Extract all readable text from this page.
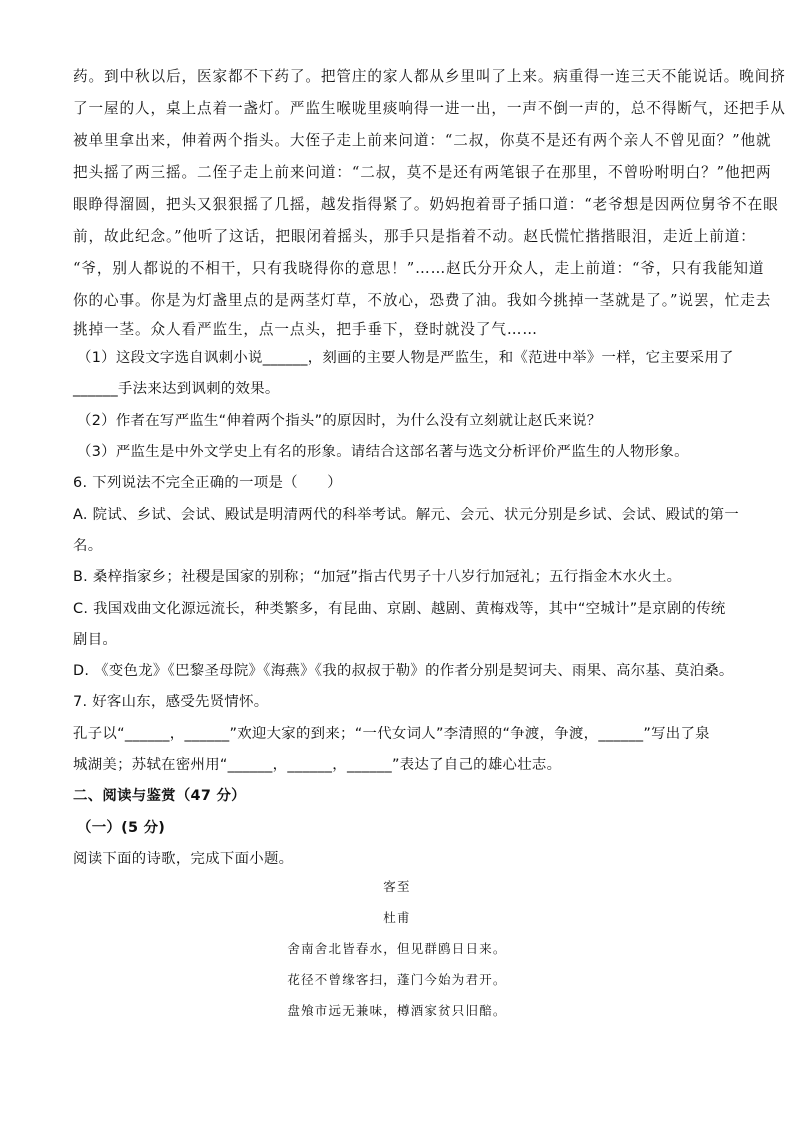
药。到中秋以后，医家都不下药了。把管庄的家人都从乡里叫了上来。病重得一连三天不能说话。晚间挤
了一屋的人，桌上点着一盏灯。严监生喉咙里痰响得一进一出，一声不倒一声的，总不得断气，还把手从
被单里拿出来，伸着两个指头。大侄子走上前来问道：“二叔，你莫不是还有两个亲人不曾见面？”他就
把头摇了两三摇。二侄子走上前来问道：“二叔，莫不是还有两笔银子在那里，不曾吩咐明白？”他把两
眼睁得溜圆，把头又狠狠摇了几摇，越发指得紧了。奶妈抱着哥子插口道：“老爷想是因两位舅爷不在眼
前，故此纪念。”他听了这话，把眼闭着摇头，那手只是指着不动。赵氏慌忙揩揩眼泪，走近上前道：
“爷，别人都说的不相干，只有我晓得你的意思！”……赵氏分开众人，走上前道：“爷，只有我能知道
你的心事。你是为灯盏里点的是两茎灯草，不放心，恐费了油。我如今挑掉一茎就是了。”说罢，忙走去
挑掉一茎。众人看严监生，点一点头，把手垂下，登时就没了气……
（1）这段文字选自讽刺小说______，刻画的主要人物是严监生，和《范进中举》一样，它主要采用了
______手法来达到讽刺的效果。
（2）作者在写严监生“伸着两个指头”的原因时，为什么没有立刻就让赵氏来说？
（3）严监生是中外文学史上有名的形象。请结合这部名著与选文分析评价严监生的人物形象。
6. 下列说法不完全正确的一项是（　　）
A. 院试、乡试、会试、殿试是明清两代的科举考试。解元、会元、状元分别是乡试、会试、殿试的第一
名。
B. 桑梓指家乡；社稷是国家的别称；“加冠”指古代男子十八岁行加冠礼；五行指金木水火土。
C. 我国戏曲文化源远流长，种类繁多，有昆曲、京剧、越剧、黄梅戏等，其中“空城计”是京剧的传统
剧目。
D. 《变色龙》《巴黎圣母院》《海燕》《我的叔叔于勒》的作者分别是契诃夫、雨果、高尔基、莫泊桑。
7. 好客山东，感受先贤情怀。
孔子以“______，______”欢迎大家的到来；“一代女词人”李清照的“争渡，争渡，______”写出了泉
城湖美；苏轼在密州用“______，______，______”表达了自己的雄心壮志。
二、阅读与鉴赏（47 分）
（一）(5 分)
阅读下面的诗歌，完成下面小题。
客至
杜甫
舍南舍北皆春水，但见群鸥日日来。
花径不曾缘客扫，蓬门今始为君开。
盘飧市远无兼味，樽酒家贫只旧醅。
